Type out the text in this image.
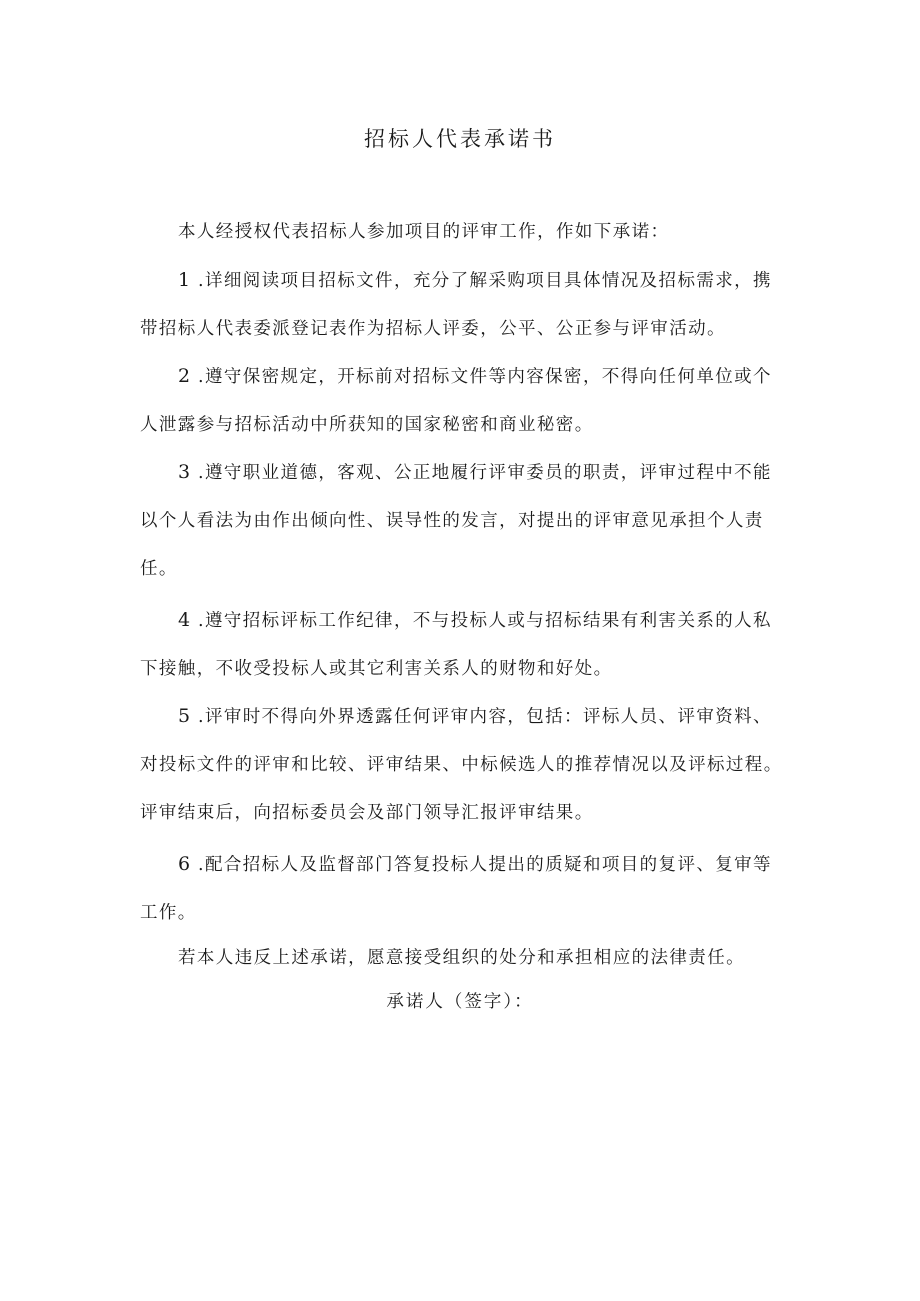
招标人代表承诺书
本人经授权代表招标人参加项目的评审工作，作如下承诺：
1 .详细阅读项目招标文件，充分了解采购项目具体情况及招标需求，携带招标人代表委派登记表作为招标人评委，公平、公正参与评审活动。
2 .遵守保密规定，开标前对招标文件等内容保密，不得向任何单位或个人泄露参与招标活动中所获知的国家秘密和商业秘密。
3 .遵守职业道德，客观、公正地履行评审委员的职责，评审过程中不能以个人看法为由作出倾向性、误导性的发言，对提出的评审意见承担个人责任。
4 .遵守招标评标工作纪律，不与投标人或与招标结果有利害关系的人私下接触，不收受投标人或其它利害关系人的财物和好处。
5 .评审时不得向外界透露任何评审内容，包括：评标人员、评审资料、对投标文件的评审和比较、评审结果、中标候选人的推荐情况以及评标过程。评审结束后，向招标委员会及部门领导汇报评审结果。
6 .配合招标人及监督部门答复投标人提出的质疑和项目的复评、复审等工作。
若本人违反上述承诺，愿意接受组织的处分和承担相应的法律责任。
承诺人（签字）：
